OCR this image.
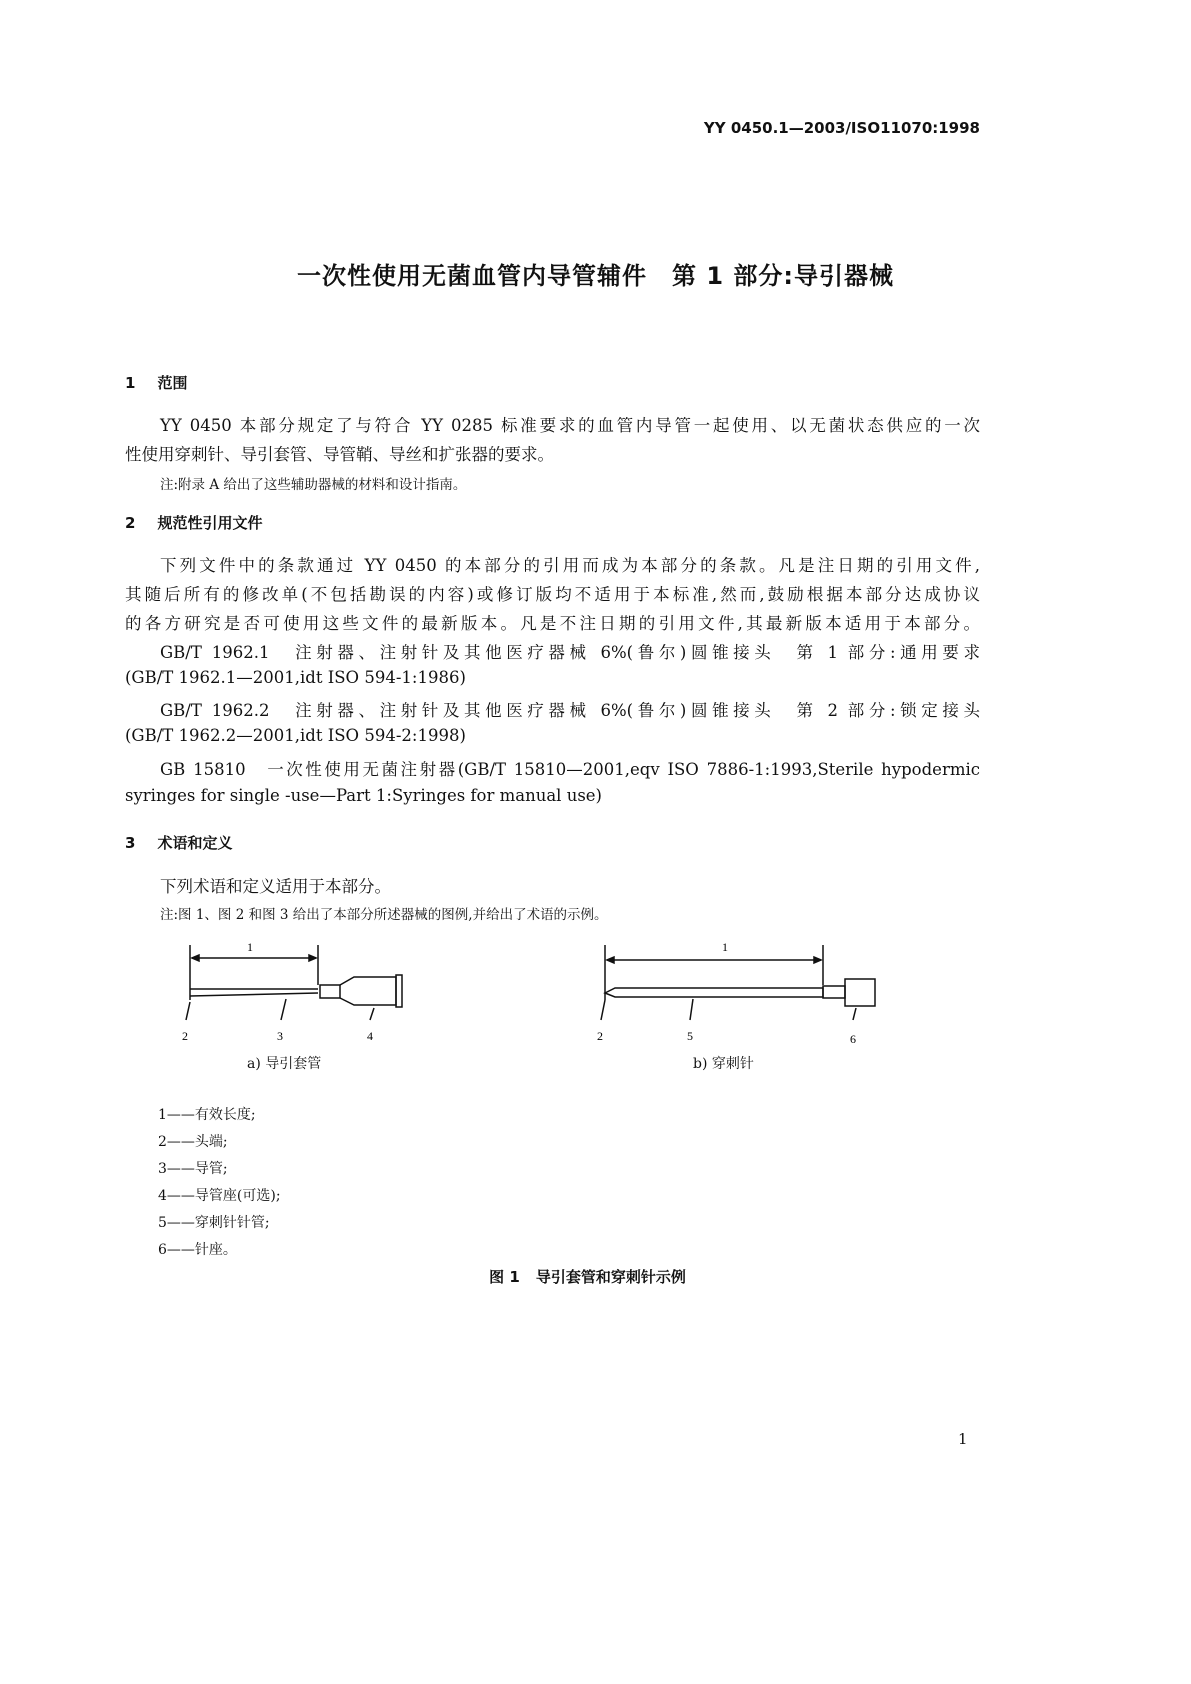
YY 0450.1—2003/ISO11070:1998
一次性使用无菌血管内导管辅件　第 1 部分:导引器械
1 范围
YY 0450 本部分规定了与符合 YY 0285 标准要求的血管内导管一起使用、以无菌状态供应的一次
性使用穿刺针、导引套管、导管鞘、导丝和扩张器的要求。
注:附录 A 给出了这些辅助器械的材料和设计指南。
2 规范性引用文件
下列文件中的条款通过 YY 0450 的本部分的引用而成为本部分的条款。凡是注日期的引用文件,
其随后所有的修改单(不包括勘误的内容)或修订版均不适用于本标准,然而,鼓励根据本部分达成协议
的各方研究是否可使用这些文件的最新版本。凡是不注日期的引用文件,其最新版本适用于本部分。
GB/T 1962.1　注射器、注射针及其他医疗器械 6%(鲁尔)圆锥接头　第 1 部分:通用要求
(GB/T 1962.1—2001,idt ISO 594-1:1986)
GB/T 1962.2　注射器、注射针及其他医疗器械 6%(鲁尔)圆锥接头　第 2 部分:锁定接头
(GB/T 1962.2—2001,idt ISO 594-2:1998)
GB 15810　一次性使用无菌注射器(GB/T 15810—2001,eqv ISO 7886-1:1993,Sterile hypodermic
syringes for single -use—Part 1:Syringes for manual use)
3 术语和定义
下列术语和定义适用于本部分。
注:图 1、图 2 和图 3 给出了本部分所述器械的图例,并给出了术语的示例。
1
2	3	4
1
2	5	6
a) 导引套管	b) 穿刺针
1——有效长度;
2——头端;
3——导管;
4——导管座(可选);
5——穿刺针针管;
6——针座。
图 1 导引套管和穿刺针示例
1
